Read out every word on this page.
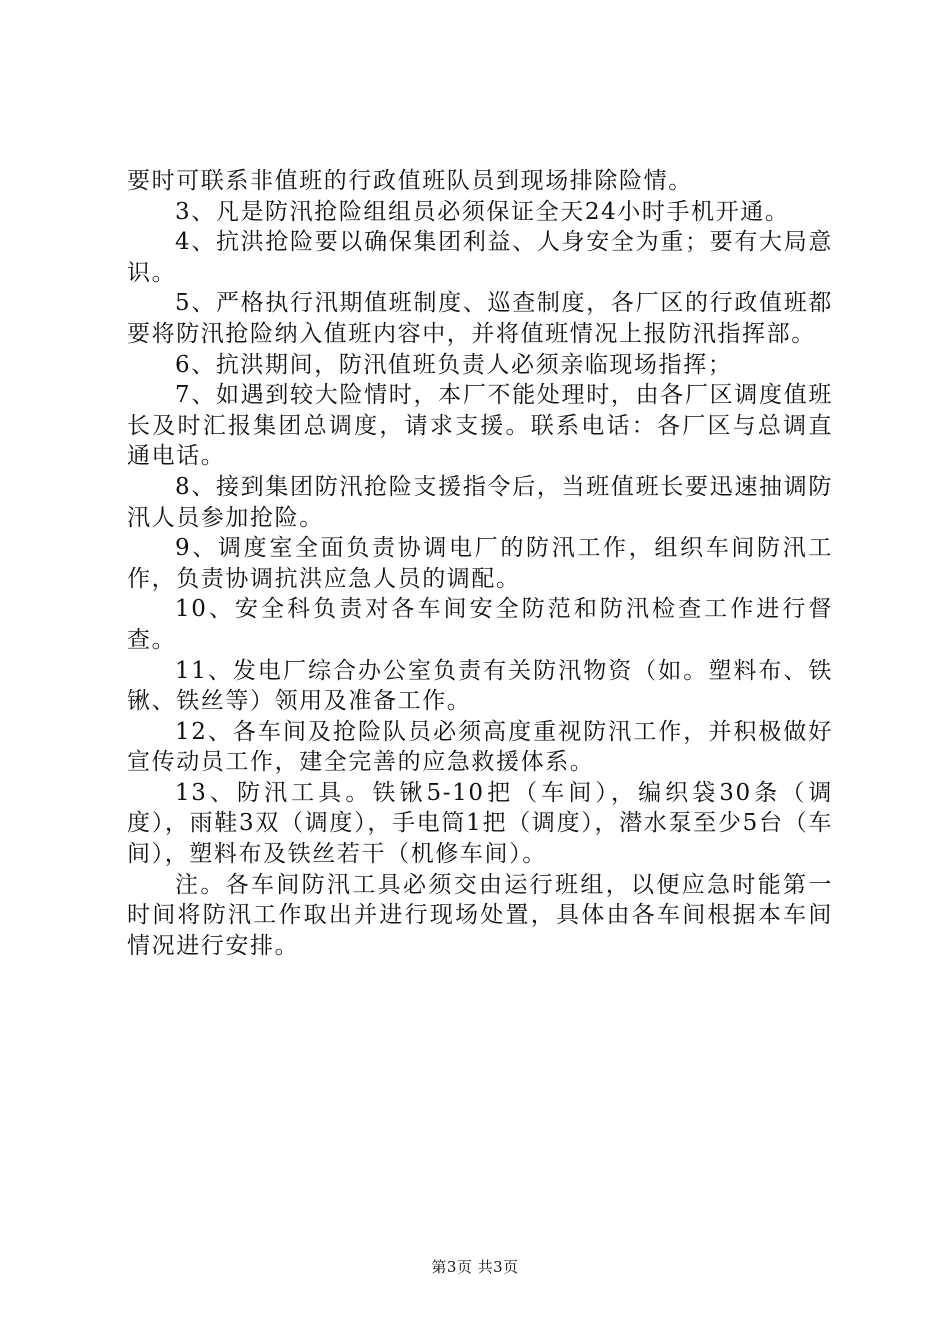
要时可联系非值班的行政值班队员到现场排除险情。

3、凡是防汛抢险组组员必须保证全天24小时手机开通。

4、抗洪抢险要以确保集团利益、人身安全为重；要有大局意识。

5、严格执行汛期值班制度、巡查制度，各厂区的行政值班都要将防汛抢险纳入值班内容中，并将值班情况上报防汛指挥部。

6、抗洪期间，防汛值班负责人必须亲临现场指挥；

7、如遇到较大险情时，本厂不能处理时，由各厂区调度值班长及时汇报集团总调度，请求支援。联系电话：各厂区与总调直通电话。

8、接到集团防汛抢险支援指令后，当班值班长要迅速抽调防汛人员参加抢险。

9、调度室全面负责协调电厂的防汛工作，组织车间防汛工作，负责协调抗洪应急人员的调配。

10、安全科负责对各车间安全防范和防汛检查工作进行督查。

11、发电厂综合办公室负责有关防汛物资（如。塑料布、铁锹、铁丝等）领用及准备工作。

12、各车间及抢险队员必须高度重视防汛工作，并积极做好宣传动员工作，建全完善的应急救援体系。

13、防汛工具。铁锹5-10把（车间），编织袋30条（调度），雨鞋3双（调度），手电筒1把（调度），潜水泵至少5台（车间），塑料布及铁丝若干（机修车间）。

注。各车间防汛工具必须交由运行班组，以便应急时能第一时间将防汛工作取出并进行现场处置，具体由各车间根据本车间情况进行安排。

第3页 共3页
